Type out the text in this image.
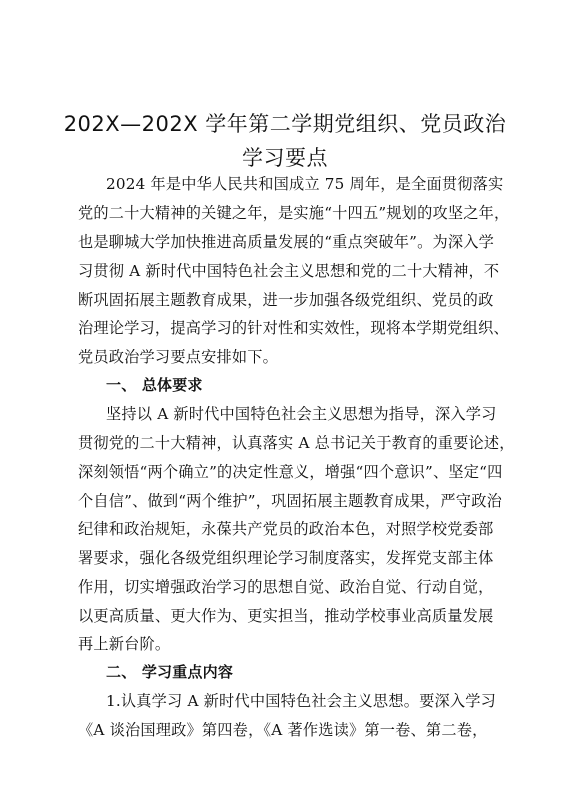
202X—202X 学年第二学期党组织、党员政治
学习要点
2024 年是中华人民共和国成立 75 周年，是全面贯彻落实
党的二十大精神的关键之年，是实施“十四五”规划的攻坚之年，
也是聊城大学加快推进高质量发展的“重点突破年”。为深入学
习贯彻 A 新时代中国特色社会主义思想和党的二十大精神，不
断巩固拓展主题教育成果，进一步加强各级党组织、党员的政
治理论学习，提高学习的针对性和实效性，现将本学期党组织、
党员政治学习要点安排如下。
一、 总体要求
坚持以 A 新时代中国特色社会主义思想为指导，深入学习
贯彻党的二十大精神，认真落实 A 总书记关于教育的重要论述，
深刻领悟“两个确立”的决定性意义，增强“四个意识”、坚定“四
个自信”、做到“两个维护”，巩固拓展主题教育成果，严守政治
纪律和政治规矩，永葆共产党员的政治本色，对照学校党委部
署要求，强化各级党组织理论学习制度落实，发挥党支部主体
作用，切实增强政治学习的思想自觉、政治自觉、行动自觉，
以更高质量、更大作为、更实担当，推动学校事业高质量发展
再上新台阶。
二、 学习重点内容
1.认真学习 A 新时代中国特色社会主义思想。要深入学习
《A 谈治国理政》第四卷，《A 著作选读》第一卷、第二卷，
